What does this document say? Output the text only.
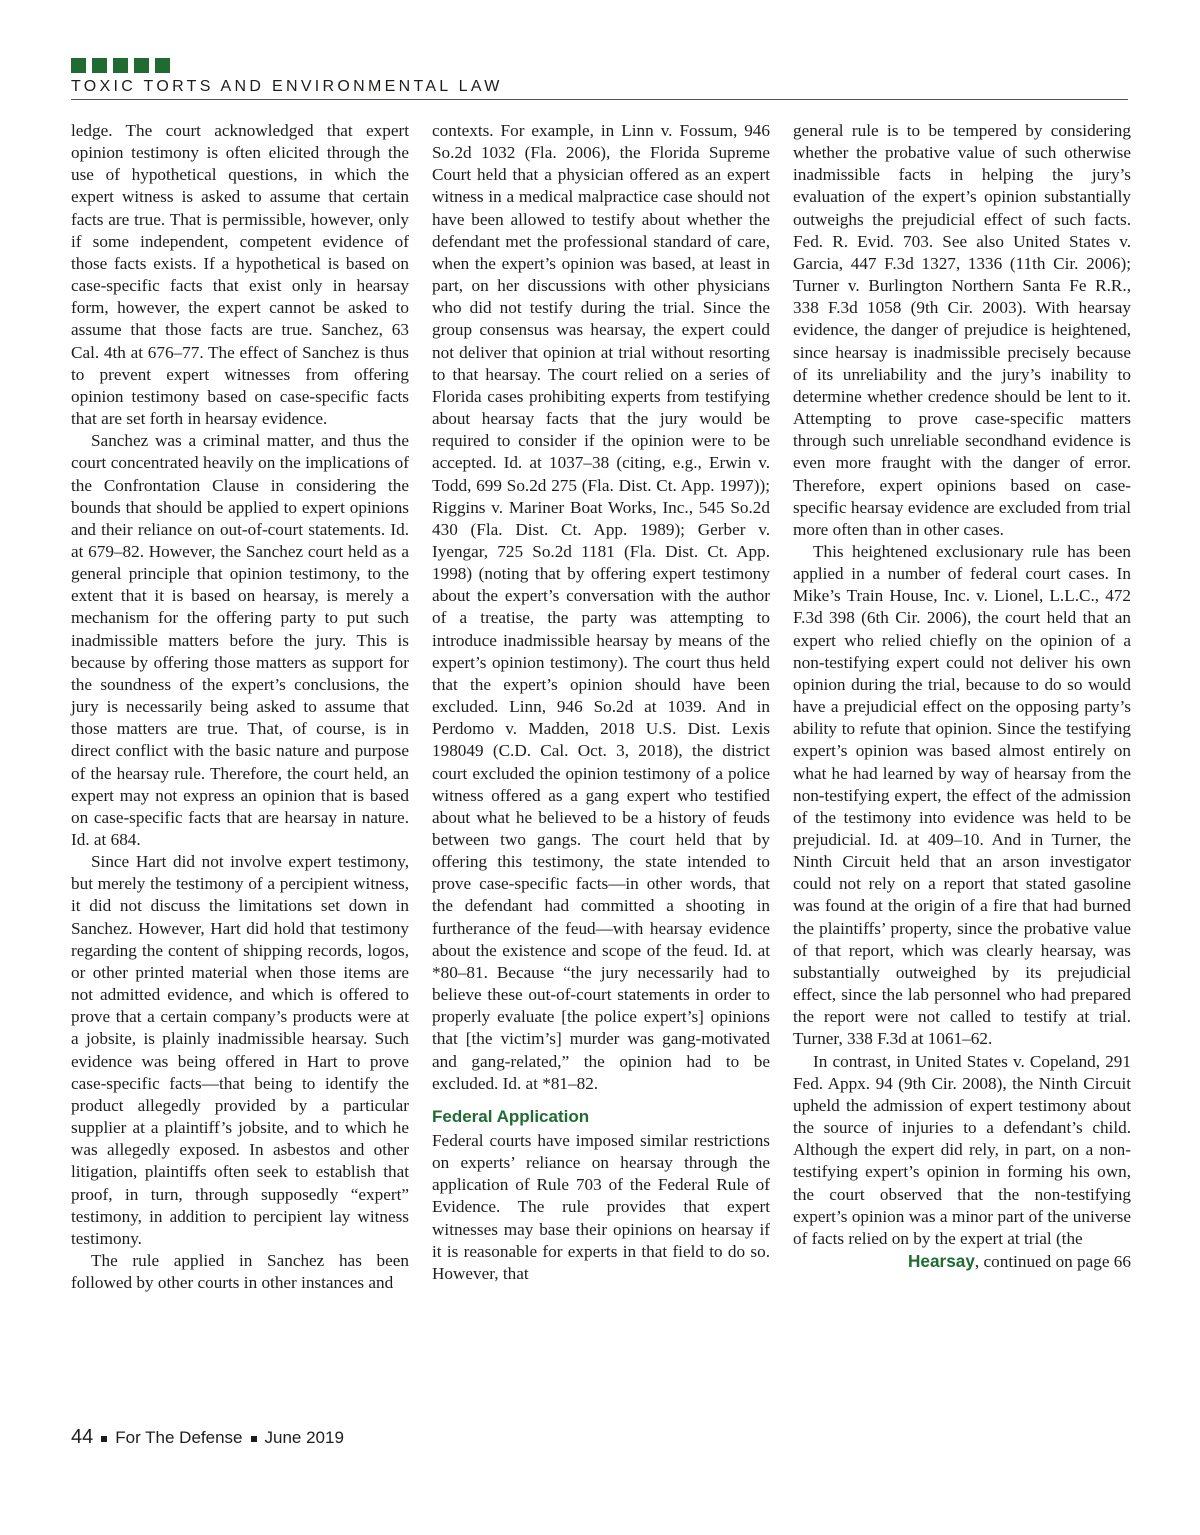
TOXIC TORTS AND ENVIRONMENTAL LAW

ledge. The court acknowledged that expert opinion testimony is often elicited through the use of hypothetical questions, in which the expert witness is asked to assume that certain facts are true. That is permissible, however, only if some independent, competent evidence of those facts exists. If a hypothetical is based on case-specific facts that exist only in hearsay form, however, the expert cannot be asked to assume that those facts are true. Sanchez, 63 Cal. 4th at 676–77. The effect of Sanchez is thus to prevent expert witnesses from offering opinion testimony based on case-specific facts that are set forth in hearsay evidence.

Sanchez was a criminal matter, and thus the court concentrated heavily on the implications of the Confrontation Clause in considering the bounds that should be applied to expert opinions and their reliance on out-of-court statements. Id. at 679–82. However, the Sanchez court held as a general principle that opinion testimony, to the extent that it is based on hearsay, is merely a mechanism for the offering party to put such inadmissible matters before the jury. This is because by offering those matters as support for the soundness of the expert’s conclusions, the jury is necessarily being asked to assume that those matters are true. That, of course, is in direct conflict with the basic nature and purpose of the hearsay rule. Therefore, the court held, an expert may not express an opinion that is based on case-specific facts that are hearsay in nature. Id. at 684.

Since Hart did not involve expert testimony, but merely the testimony of a percipient witness, it did not discuss the limitations set down in Sanchez. However, Hart did hold that testimony regarding the content of shipping records, logos, or other printed material when those items are not admitted evidence, and which is offered to prove that a certain company’s products were at a jobsite, is plainly inadmissible hearsay. Such evidence was being offered in Hart to prove case-specific facts—that being to identify the product allegedly provided by a particular supplier at a plaintiff’s jobsite, and to which he was allegedly exposed. In asbestos and other litigation, plaintiffs often seek to establish that proof, in turn, through supposedly “expert” testimony, in addition to percipient lay witness testimony.

The rule applied in Sanchez has been followed by other courts in other instances and

contexts. For example, in Linn v. Fossum, 946 So.2d 1032 (Fla. 2006), the Florida Supreme Court held that a physician offered as an expert witness in a medical malpractice case should not have been allowed to testify about whether the defendant met the professional standard of care, when the expert’s opinion was based, at least in part, on her discussions with other physicians who did not testify during the trial. Since the group consensus was hearsay, the expert could not deliver that opinion at trial without resorting to that hearsay. The court relied on a series of Florida cases prohibiting experts from testifying about hearsay facts that the jury would be required to consider if the opinion were to be accepted. Id. at 1037–38 (citing, e.g., Erwin v. Todd, 699 So.2d 275 (Fla. Dist. Ct. App. 1997)); Riggins v. Mariner Boat Works, Inc., 545 So.2d 430 (Fla. Dist. Ct. App. 1989); Gerber v. Iyengar, 725 So.2d 1181 (Fla. Dist. Ct. App. 1998) (noting that by offering expert testimony about the expert’s conversation with the author of a treatise, the party was attempting to introduce inadmissible hearsay by means of the expert’s opinion testimony). The court thus held that the expert’s opinion should have been excluded. Linn, 946 So.2d at 1039. And in Perdomo v. Madden, 2018 U.S. Dist. Lexis 198049 (C.D. Cal. Oct. 3, 2018), the district court excluded the opinion testimony of a police witness offered as a gang expert who testified about what he believed to be a history of feuds between two gangs. The court held that by offering this testimony, the state intended to prove case-specific facts—in other words, that the defendant had committed a shooting in furtherance of the feud—with hearsay evidence about the existence and scope of the feud. Id. at *80–81. Because “the jury necessarily had to believe these out-of-court statements in order to properly evaluate [the police expert’s] opinions that [the victim’s] murder was gang-motivated and gang-related,” the opinion had to be excluded. Id. at *81–82.

Federal Application

Federal courts have imposed similar restrictions on experts’ reliance on hearsay through the application of Rule 703 of the Federal Rule of Evidence. The rule provides that expert witnesses may base their opinions on hearsay if it is reasonable for experts in that field to do so. However, that

general rule is to be tempered by considering whether the probative value of such otherwise inadmissible facts in helping the jury’s evaluation of the expert’s opinion substantially outweighs the prejudicial effect of such facts. Fed. R. Evid. 703. See also United States v. Garcia, 447 F.3d 1327, 1336 (11th Cir. 2006); Turner v. Burlington Northern Santa Fe R.R., 338 F.3d 1058 (9th Cir. 2003). With hearsay evidence, the danger of prejudice is heightened, since hearsay is inadmissible precisely because of its unreliability and the jury’s inability to determine whether credence should be lent to it. Attempting to prove case-specific matters through such unreliable secondhand evidence is even more fraught with the danger of error. Therefore, expert opinions based on case-specific hearsay evidence are excluded from trial more often than in other cases.

This heightened exclusionary rule has been applied in a number of federal court cases. In Mike’s Train House, Inc. v. Lionel, L.L.C., 472 F.3d 398 (6th Cir. 2006), the court held that an expert who relied chiefly on the opinion of a non-testifying expert could not deliver his own opinion during the trial, because to do so would have a prejudicial effect on the opposing party’s ability to refute that opinion. Since the testifying expert’s opinion was based almost entirely on what he had learned by way of hearsay from the non-testifying expert, the effect of the admission of the testimony into evidence was held to be prejudicial. Id. at 409–10. And in Turner, the Ninth Circuit held that an arson investigator could not rely on a report that stated gasoline was found at the origin of a fire that had burned the plaintiffs’ property, since the probative value of that report, which was clearly hearsay, was substantially outweighed by its prejudicial effect, since the lab personnel who had prepared the report were not called to testify at trial. Turner, 338 F.3d at 1061–62.

In contrast, in United States v. Copeland, 291 Fed. Appx. 94 (9th Cir. 2008), the Ninth Circuit upheld the admission of expert testimony about the source of injuries to a defendant’s child. Although the expert did rely, in part, on a non-testifying expert’s opinion in forming his own, the court observed that the non-testifying expert’s opinion was a minor part of the universe of facts relied on by the expert at trial (the

Hearsay, continued on page 66
44 For The Defense June 2019
